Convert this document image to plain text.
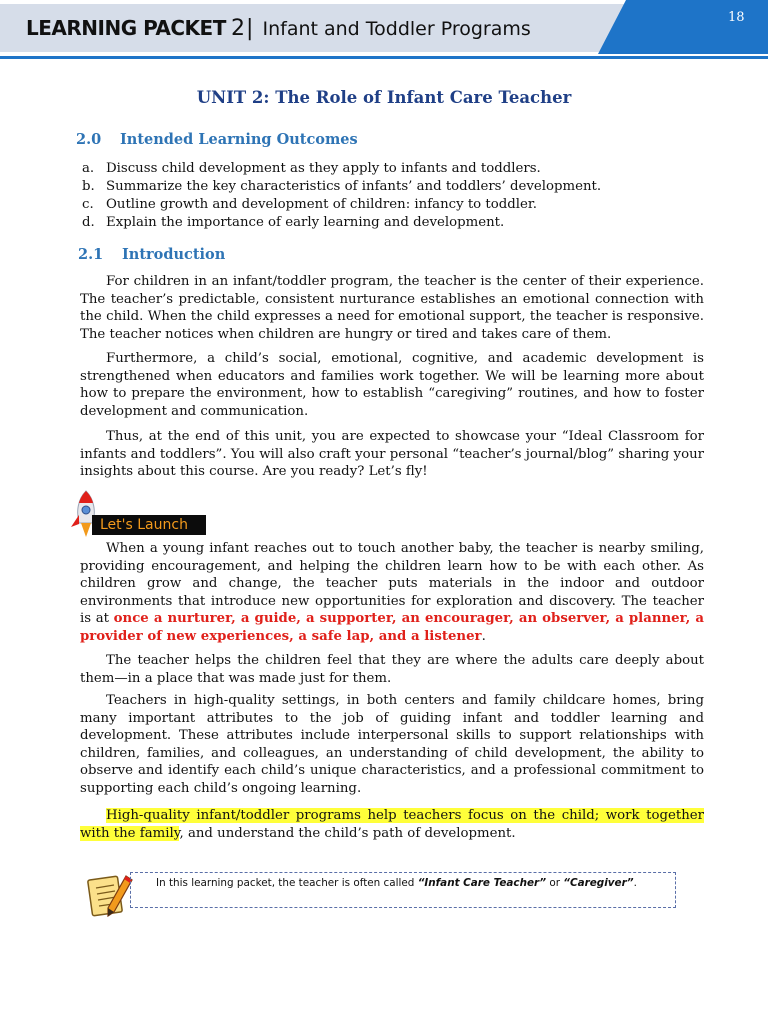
LEARNING PACKET 2| Infant and Toddler Programs
18
UNIT 2: The Role of Infant Care Teacher
2.0 Intended Learning Outcomes
a. Discuss child development as they apply to infants and toddlers.
b. Summarize the key characteristics of infants’ and toddlers’ development.
c. Outline growth and development of children: infancy to toddler.
d. Explain the importance of early learning and development.
2.1 Introduction

For children in an infant/toddler program, the teacher is the center of their experience. The teacher’s predictable, consistent nurturance establishes an emotional connection with the child. When the child expresses a need for emotional support, the teacher is responsive. The teacher notices when children are hungry or tired and takes care of them.

Furthermore, a child’s social, emotional, cognitive, and academic development is strengthened when educators and families work together. We will be learning more about how to prepare the environment, how to establish “caregiving” routines, and how to foster development and communication.

Thus, at the end of this unit, you are expected to showcase your “Ideal Classroom for infants and toddlers”. You will also craft your personal “teacher’s journal/blog” sharing your insights about this course. Are you ready? Let’s fly!

Let's Launch

When a young infant reaches out to touch another baby, the teacher is nearby smiling, providing encouragement, and helping the children learn how to be with each other. As children grow and change, the teacher puts materials in the indoor and outdoor environments that introduce new opportunities for exploration and discovery. The teacher is at once a nurturer, a guide, a supporter, an encourager, an observer, a planner, a provider of new experiences, a safe lap, and a listener.

The teacher helps the children feel that they are where the adults care deeply about them—in a place that was made just for them.

Teachers in high-quality settings, in both centers and family childcare homes, bring many important attributes to the job of guiding infant and toddler learning and development. These attributes include interpersonal skills to support relationships with children, families, and colleagues, an understanding of child development, the ability to observe and identify each child’s unique characteristics, and a professional commitment to supporting each child’s ongoing learning.

High-quality infant/toddler programs help teachers focus on the child; work together with the family, and understand the child’s path of development.

In this learning packet, the teacher is often called “Infant Care Teacher” or “Caregiver”.
